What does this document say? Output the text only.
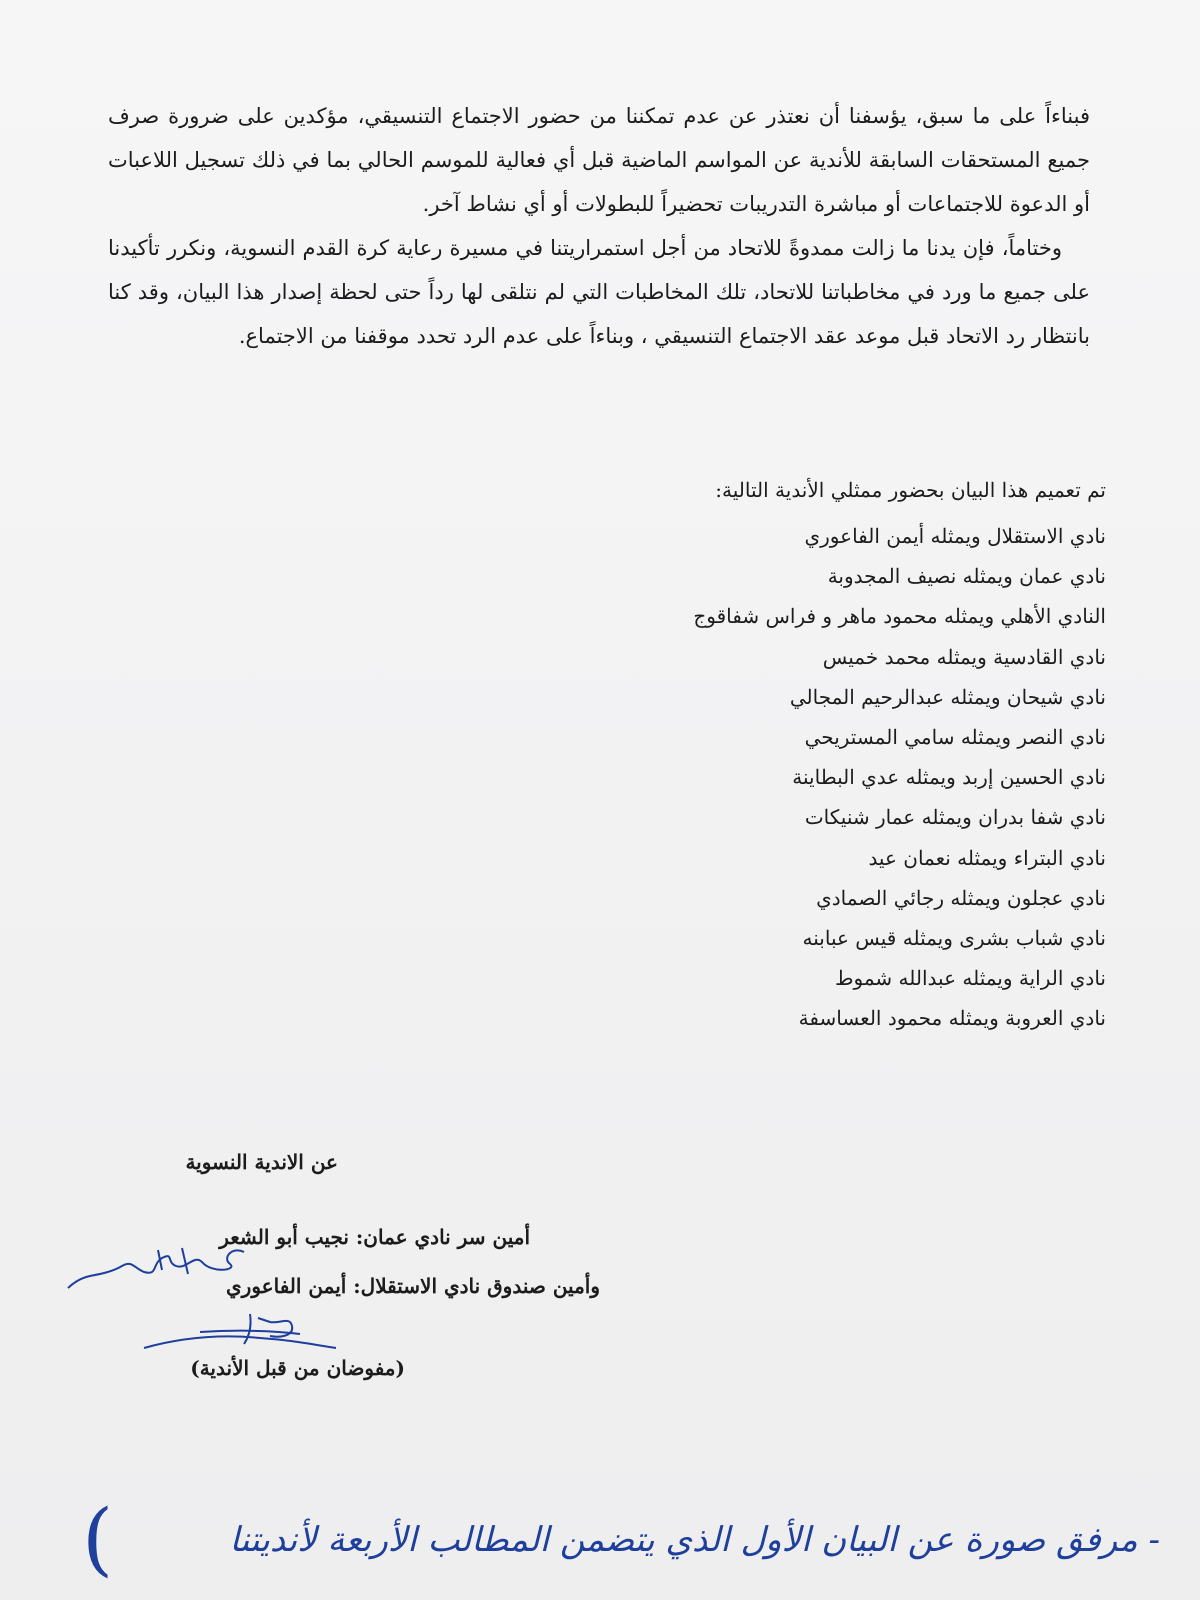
فبناءاً على ما سبق، يؤسفنا أن نعتذر عن عدم تمكننا من حضور الاجتماع التنسيقي، مؤكدين على ضرورة صرف جميع المستحقات السابقة للأندية عن المواسم الماضية قبل أي فعالية للموسم الحالي بما في ذلك تسجيل اللاعبات أو الدعوة للاجتماعات أو مباشرة التدريبات تحضيراً للبطولات أو أي نشاط آخر.

وختاماً، فإن يدنا ما زالت ممدوةً للاتحاد من أجل استمراريتنا في مسيرة رعاية كرة القدم النسوية، ونكرر تأكيدنا على جميع ما ورد في مخاطباتنا للاتحاد، تلك المخاطبات التي لم نتلقى لها رداً حتى لحظة إصدار هذا البيان، وقد كنا بانتظار رد الاتحاد قبل موعد عقد الاجتماع التنسيقي ، وبناءاً على عدم الرد تحدد موقفنا من الاجتماع.

تم تعميم هذا البيان بحضور ممثلي الأندية التالية:
نادي الاستقلال ويمثله أيمن الفاعوري
نادي عمان ويمثله نصيف المجدوبة
النادي الأهلي ويمثله محمود ماهر و فراس شفاقوج
نادي القادسية ويمثله محمد خميس
نادي شيحان ويمثله عبدالرحيم المجالي
نادي النصر ويمثله سامي المستريحي
نادي الحسين إربد ويمثله عدي البطاينة
نادي شفا بدران ويمثله عمار شنيكات
نادي البتراء ويمثله نعمان عيد
نادي عجلون ويمثله رجائي الصمادي
نادي شباب بشرى ويمثله قيس عبابنه
نادي الراية ويمثله عبدالله شموط
نادي العروبة ويمثله محمود العساسفة
عن الاندية النسوية
أمين سر نادي عمان: نجيب أبو الشعر
وأمين صندوق نادي الاستقلال: أيمن الفاعوري
(مفوضان من قبل الأندية)
(	- مرفق صورة عن البيان الأول الذي يتضمن المطالب الأربعة لأنديتنا
